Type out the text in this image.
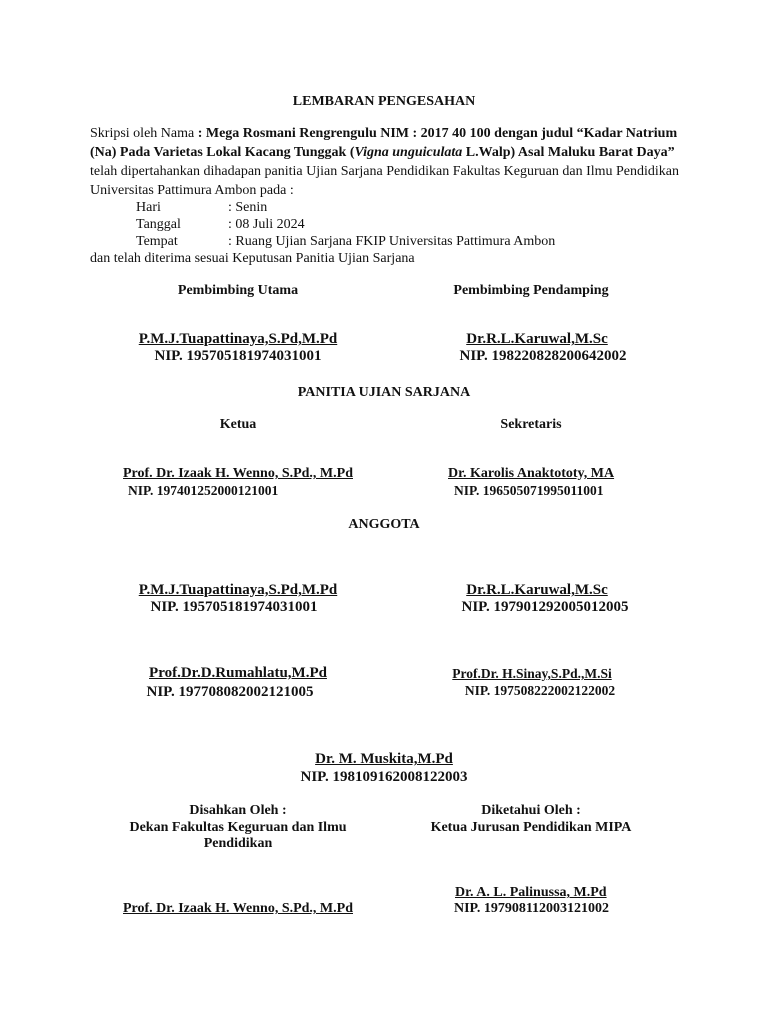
LEMBARAN PENGESAHAN
Skripsi oleh Nama : Mega Rosmani Rengrengulu NIM : 2017 40 100 dengan judul “Kadar Natrium (Na) Pada Varietas Lokal Kacang Tunggak (Vigna unguiculata L.Walp) Asal Maluku Barat Daya”
telah dipertahankan dihadapan panitia Ujian Sarjana Pendidikan Fakultas Keguruan dan Ilmu Pendidikan Universitas Pattimura Ambon pada :
Hari	: Senin
Tanggal	: 08 Juli 2024
Tempat	: Ruang Ujian Sarjana FKIP Universitas Pattimura Ambon
dan telah diterima sesuai Keputusan Panitia Ujian Sarjana
Pembimbing Utama	Pembimbing Pendamping
P.M.J.Tuapattinaya,S.Pd,M.Pd
NIP. 195705181974031001
Dr.R.L.Karuwal,M.Sc
NIP. 198220828200642002
PANITIA UJIAN SARJANA
Ketua	Sekretaris
Prof. Dr. Izaak H. Wenno, S.Pd., M.Pd
NIP. 197401252000121001
Dr. Karolis Anaktototy, MA
NIP. 196505071995011001
ANGGOTA
P.M.J.Tuapattinaya,S.Pd,M.Pd
NIP. 195705181974031001
Dr.R.L.Karuwal,M.Sc
NIP. 197901292005012005
Prof.Dr.D.Rumahlatu,M.Pd
NIP. 197708082002121005
Prof.Dr. H.Sinay,S.Pd.,M.Si
NIP. 197508222002122002
Dr. M. Muskita,M.Pd
NIP. 198109162008122003
Disahkan Oleh :
Dekan Fakultas Keguruan dan Ilmu
Pendidikan
Prof. Dr. Izaak H. Wenno, S.Pd., M.Pd
Diketahui Oleh :
Ketua Jurusan Pendidikan MIPA
Dr. A. L. Palinussa, M.Pd
NIP. 197908112003121002
